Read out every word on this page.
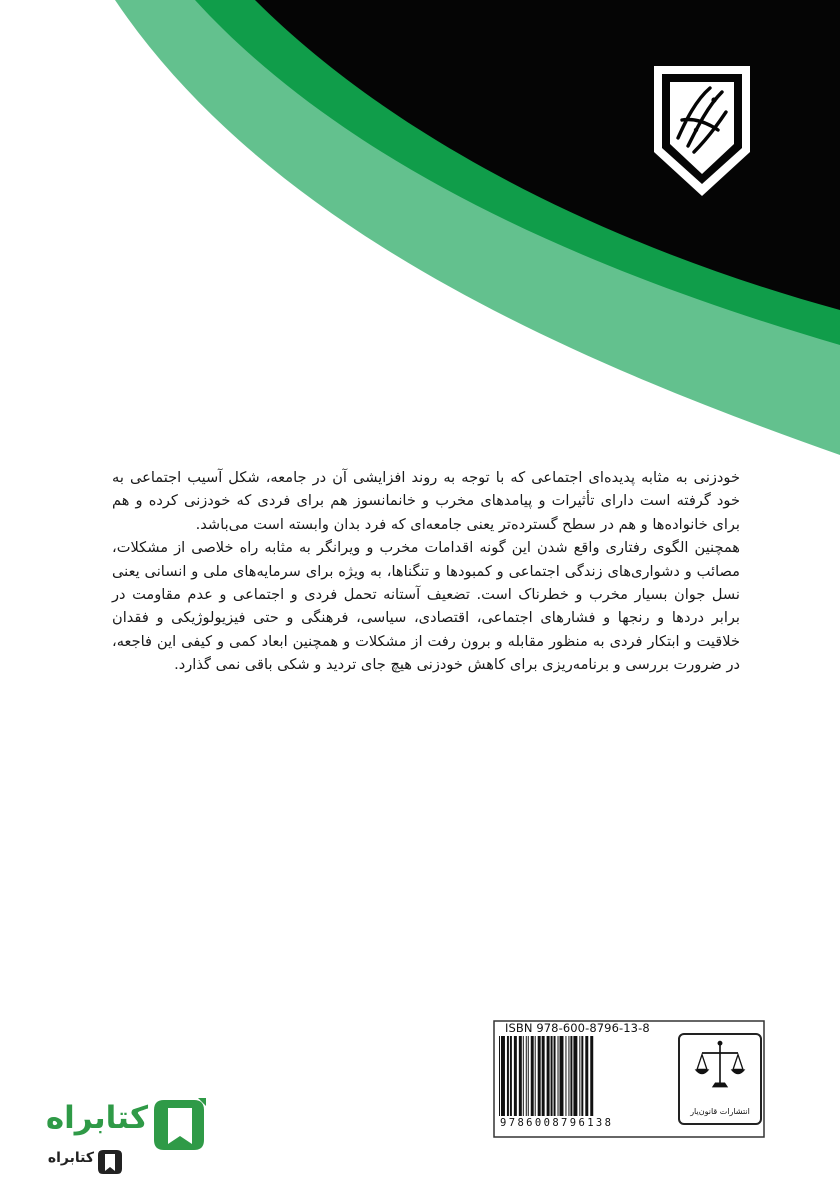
خودزنی به مثابه پدیده‌ای اجتماعی که با توجه به روند افزایشی آن در جامعه، شکل آسیب اجتماعی به خود گرفته است دارای تأثیرات و پیامدهای مخرب و خانمانسوز هم برای فردی که خودزنی کرده و هم برای خانواده‌ها و هم در سطح گسترده‌تر یعنی جامعه‌ای که فرد بدان وابسته است می‌باشد.

همچنین الگوی رفتاری واقع شدن این گونه اقدامات مخرب و ویرانگر به مثابه راه خلاصی از مشکلات، مصائب و دشواری‌های زندگی اجتماعی و کمبودها و تنگناها، به ویژه برای سرمایه‌های ملی و انسانی یعنی نسل جوان بسیار مخرب و خطرناک است. تضعیف آستانه تحمل فردی و اجتماعی و عدم مقاومت در برابر دردها و رنجها و فشارهای اجتماعی، اقتصادی، سیاسی، فرهنگی و حتی فیزیولوژیکی و فقدان خلاقیت و ابتکار فردی به منظور مقابله و برون رفت از مشکلات و همچنین ابعاد کمی و کیفی این فاجعه، در ضرورت بررسی و برنامه‌ریزی برای کاهش خودزنی هیچ جای تردید و شکی باقی نمی گذارد.

ISBN 978-600-8796-13-8
9786008796138
انتشارات قانون‌یار
کتابراه
کتابراه
